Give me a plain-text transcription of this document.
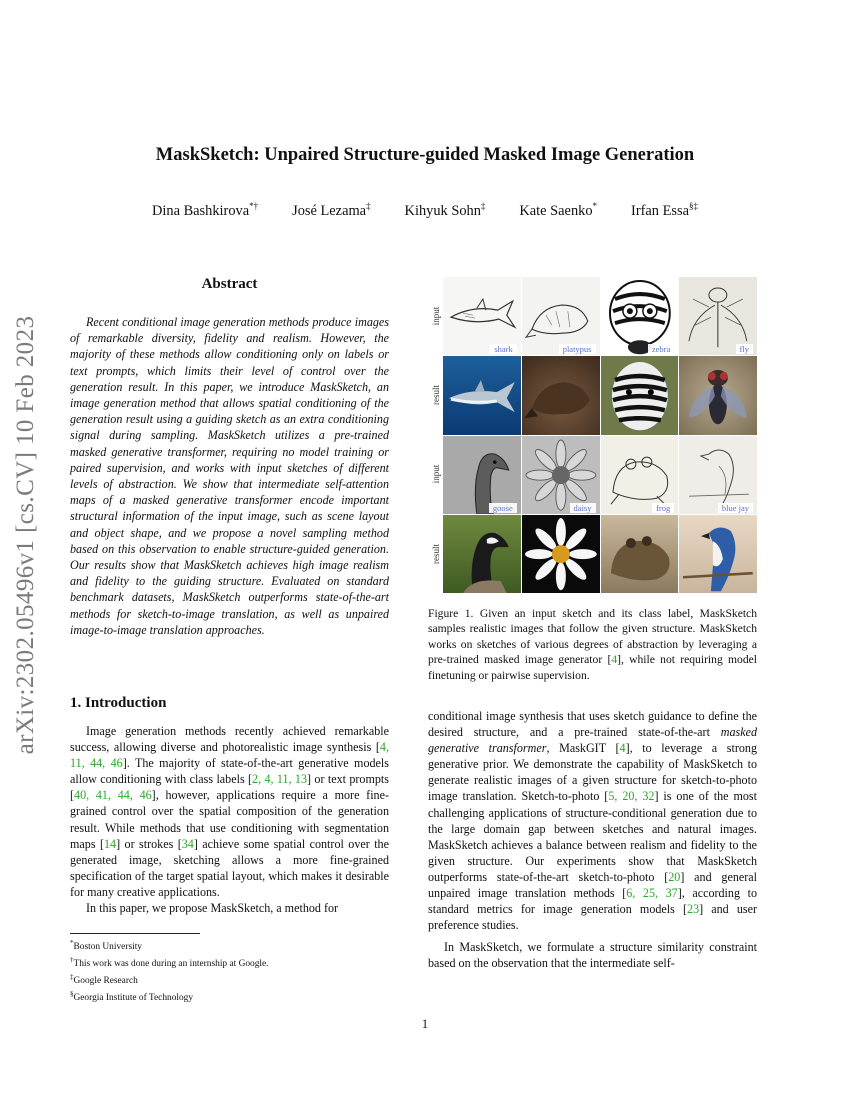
arXiv:2302.05496v1 [cs.CV] 10 Feb 2023
MaskSketch: Unpaired Structure-guided Masked Image Generation
Dina Bashkirova*† José Lezama‡ Kihyuk Sohn‡ Kate Saenko* Irfan Essa§‡
Abstract

Recent conditional image generation methods produce images of remarkable diversity, fidelity and realism. However, the majority of these methods allow conditioning only on labels or text prompts, which limits their level of control over the generation result. In this paper, we introduce MaskSketch, an image generation method that allows spatial conditioning of the generation result using a guiding sketch as an extra conditioning signal during sampling. MaskSketch utilizes a pre-trained masked generative transformer, requiring no model training or paired supervision, and works with input sketches of different levels of abstraction. We show that intermediate self-attention maps of a masked generative transformer encode important structural information of the input image, such as scene layout and object shape, and we propose a novel sampling method based on this observation to enable structure-guided generation. Our results show that MaskSketch achieves high image realism and fidelity to the guiding structure. Evaluated on standard benchmark datasets, MaskSketch outperforms state-of-the-art methods for sketch-to-image translation, as well as unpaired image-to-image translation approaches.

1. Introduction

Image generation methods recently achieved remarkable success, allowing diverse and photorealistic image synthesis [4, 11, 44, 46]. The majority of state-of-the-art generative models allow conditioning with class labels [2, 4, 11, 13] or text prompts [40, 41, 44, 46], however, applications require a more fine-grained control over the spatial composition of the generation result. While methods that use conditioning with segmentation maps [14] or strokes [34] achieve some spatial control over the generated image, sketching allows a more fine-grained specification of the target spatial layout, which makes it desirable for many creative applications.

In this paper, we propose MaskSketch, a method for

*Boston University
†This work was done during an internship at Google.
‡Google Research
§Georgia Institute of Technology
input
result
input
result
shark	platypus	zebra	fly
goose	daisy	frog	blue jay
Figure 1. Given an input sketch and its class label, MaskSketch samples realistic images that follow the given structure. MaskSketch works on sketches of various degrees of abstraction by leveraging a pre-trained masked image generator [4], while not requiring model finetuning or pairwise supervision.

conditional image synthesis that uses sketch guidance to define the desired structure, and a pre-trained state-of-the-art masked generative transformer, MaskGIT [4], to leverage a strong generative prior. We demonstrate the capability of MaskSketch to generate realistic images of a given structure for sketch-to-photo image translation. Sketch-to-photo [5, 20, 32] is one of the most challenging applications of structure-conditional generation due to the large domain gap between sketches and natural images. MaskSketch achieves a balance between realism and fidelity to the given structure. Our experiments show that MaskSketch outperforms state-of-the-art sketch-to-photo [20] and general unpaired image translation methods [6, 25, 37], according to standard metrics for image generation models [23] and user preference studies.

In MaskSketch, we formulate a structure similarity constraint based on the observation that the intermediate self-

1
